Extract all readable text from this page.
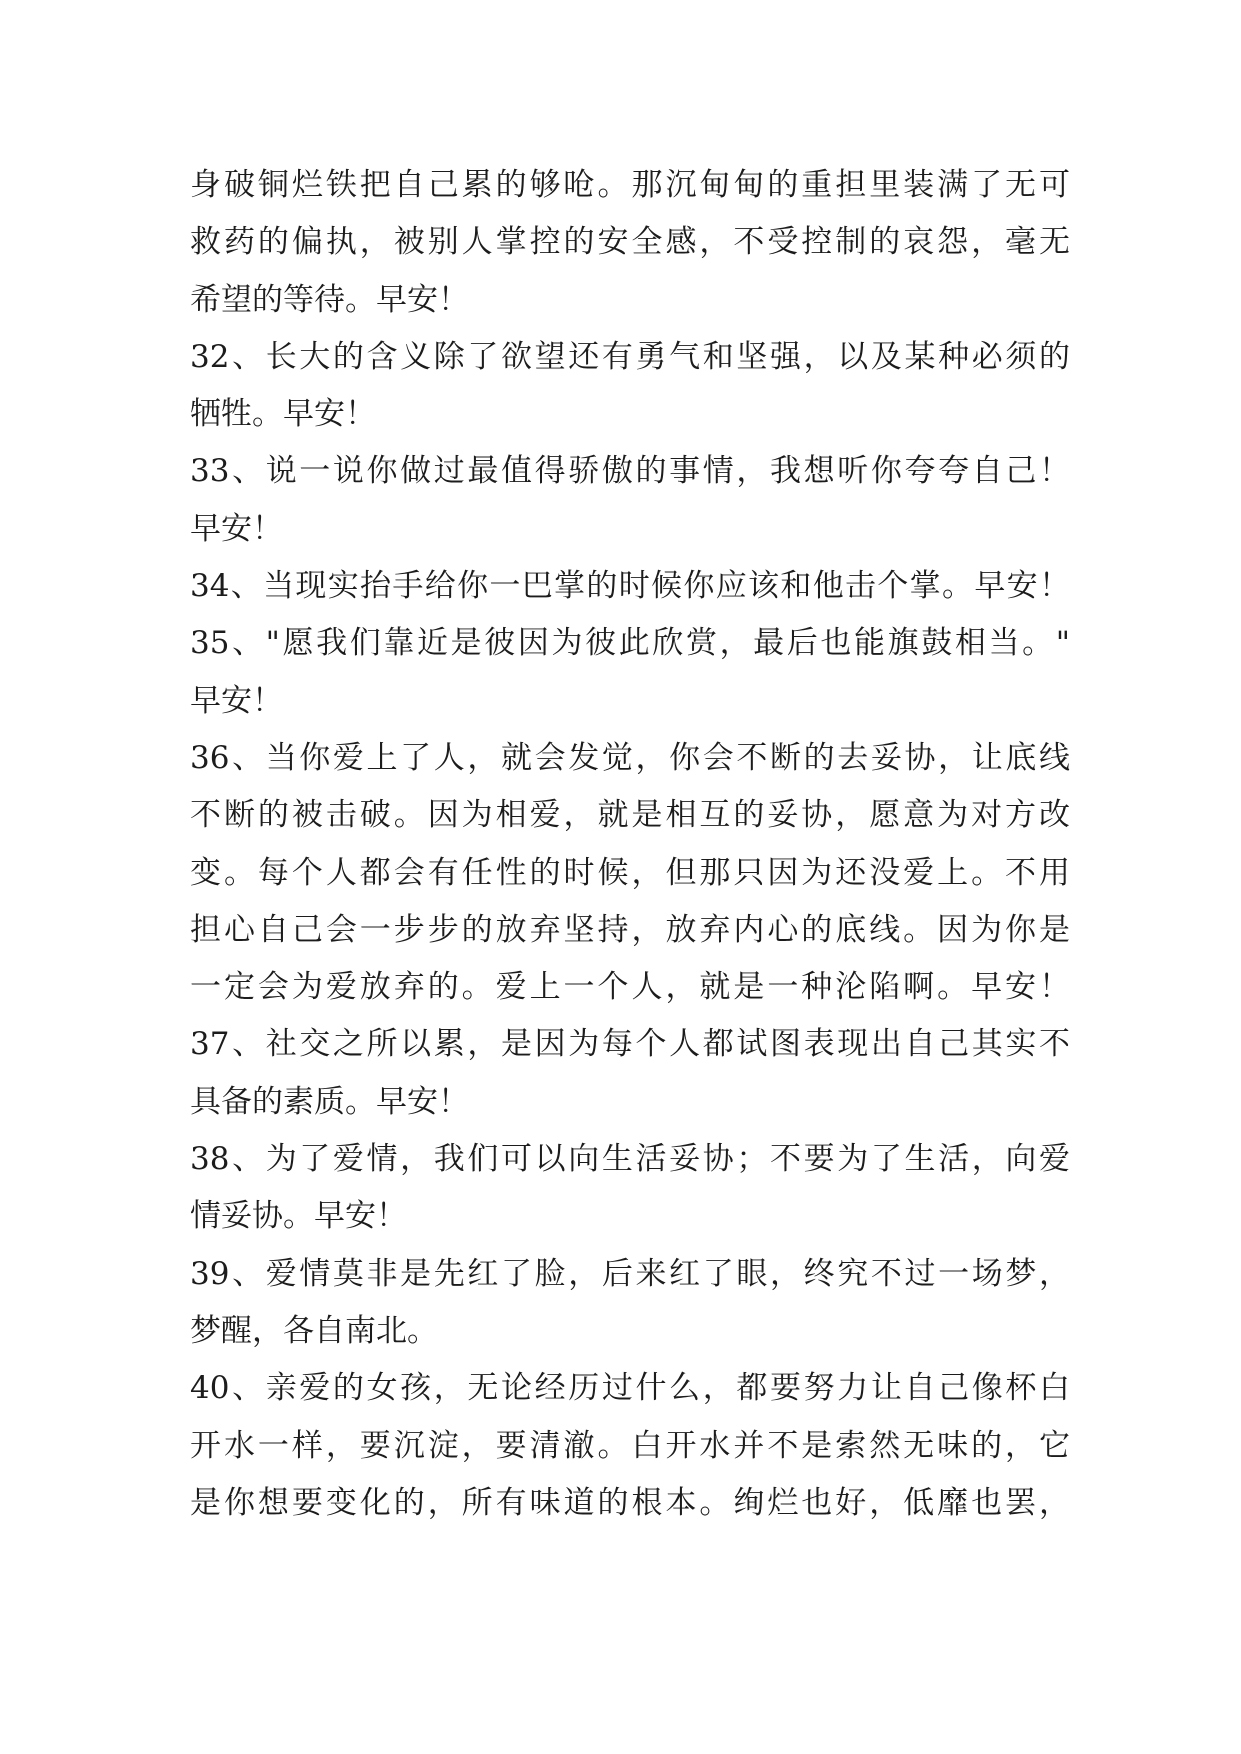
身破铜烂铁把自己累的够呛。那沉甸甸的重担里装满了无可
救药的偏执，被别人掌控的安全感，不受控制的哀怨，毫无
希望的等待。早安！
32、长大的含义除了欲望还有勇气和坚强，以及某种必须的
牺牲。早安！
33、说一说你做过最值得骄傲的事情，我想听你夸夸自己！
早安！
34、当现实抬手给你一巴掌的时候你应该和他击个掌。早安！
35、"愿我们靠近是彼因为彼此欣赏，最后也能旗鼓相当。"
早安！
36、当你爱上了人，就会发觉，你会不断的去妥协，让底线
不断的被击破。因为相爱，就是相互的妥协，愿意为对方改
变。每个人都会有任性的时候，但那只因为还没爱上。不用
担心自己会一步步的放弃坚持，放弃内心的底线。因为你是
一定会为爱放弃的。爱上一个人，就是一种沦陷啊。早安！
37、社交之所以累，是因为每个人都试图表现出自己其实不
具备的素质。早安！
38、为了爱情，我们可以向生活妥协；不要为了生活，向爱
情妥协。早安！
39、爱情莫非是先红了脸，后来红了眼，终究不过一场梦，
梦醒，各自南北。
40、亲爱的女孩，无论经历过什么，都要努力让自己像杯白
开水一样，要沉淀，要清澈。白开水并不是索然无味的，它
是你想要变化的，所有味道的根本。绚烂也好，低靡也罢，
